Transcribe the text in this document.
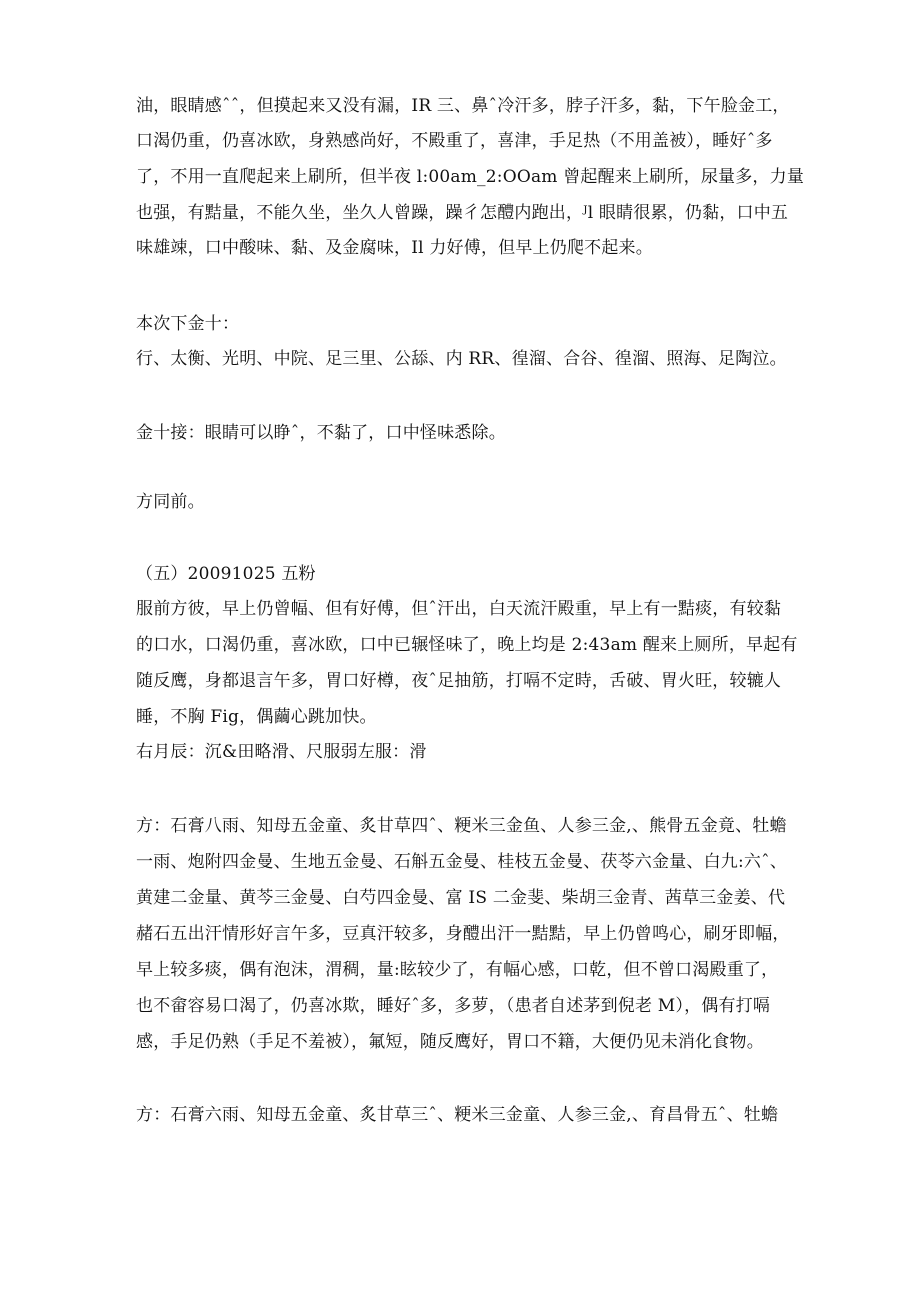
油，眼睛感ˆˆ，但摸起来又没有漏，IR 三、鼻ˆ冷汗多，脖子汗多，黏，下午脸金工，
口渴仍重，仍喜冰欧，身熟感尚好，不殿重了，喜津，手足热（不用盖被），睡好ˆ多
了，不用一直爬起来上刷所，但半夜 l:00am_2:OOam 曾起醒来上刷所，尿量多，力量
也强，有黠量，不能久坐，坐久人曾躁，躁彳怎醴内跑出，ᴶl 眼睛很累，仍黏，口中五
味雄竦，口中酸味、黏、及金腐味，Il 力好傅，但早上仍爬不起来。
本次下金十：
行、太衡、光明、中院、足三里、公舔、内 RR、徨溜、合谷、徨溜、照海、足陶泣。
金十接：眼睛可以睁ˆ，不黏了，口中怪味悉除。
方同前。
（五）20091025 五粉
服前方彼，早上仍曾幅、但有好傅，但ˆ汗出，白天流汗殿重，早上有一黠痰，有较黏
的口水，口渴仍重，喜冰欧，口中已辗怪味了，晚上均是 2:43am 醒来上厕所，早起有
随反鹰，身都退言午多，胃口好樽，夜ˆ足抽筋，打嗝不定時，舌破、胃火旺，较辘人
睡，不胸 Fig，偶繭心跳加快。
右月辰：沉&田略滑、尺服弱左服：滑
方：石膏八雨、知母五金童、炙甘草四ˆ、粳米三金鱼、人参三金,、熊骨五金竟、牡蟾
一雨、炮附四金曼、生地五金曼、石斛五金曼、桂枝五金曼、茯苓六金量、白九:六ˆ、
黄建二金量、黄芩三金曼、白芍四金曼、富 IS 二金斐、柴胡三金青、茜草三金姜、代
赭石五出汗情形好言午多，豆真汗较多，身醴出汗一黠黠，早上仍曾鸣心，刷牙即幅，
早上较多痰，偶有泡沫，渭稠，量:眩较少了，有幅心感，口乾，但不曾口渴殿重了，
也不畲容易口渴了，仍喜冰欺，睡好ˆ多，多萝，（患者自述茅到倪老 M），偶有打嗝
感，手足仍熟（手足不羞被），氟短，随反鹰好，胃口不籍，大便仍见未消化食物。
方：石膏六雨、知母五金童、炙甘草三ˆ、粳米三金童、人参三金,、育昌骨五ˆ、牡蟾
